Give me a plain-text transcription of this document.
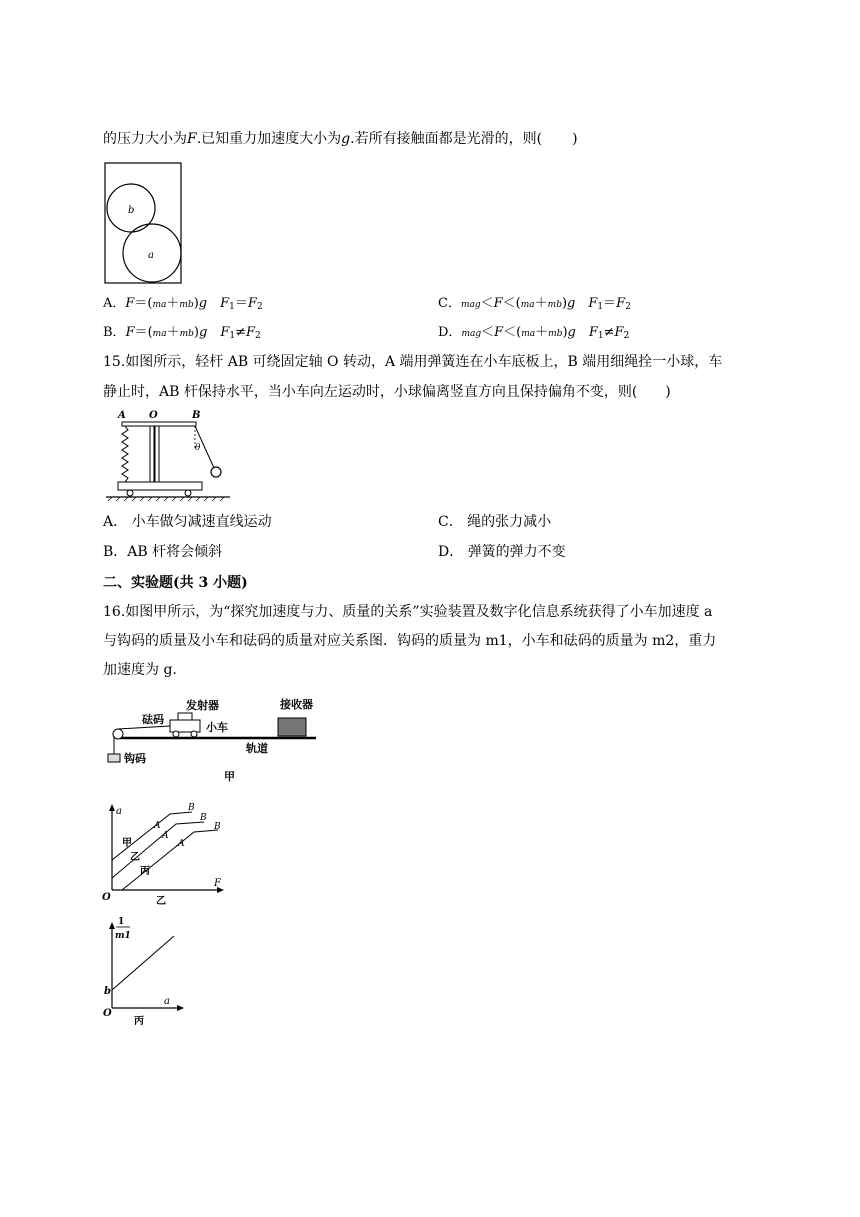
的压力大小为F.已知重力加速度大小为g.若所有接触面都是光滑的，则( )
b
a
A．F＝(ma＋mb)g　 $F_1=F_2$	C．mag＜F＜(ma＋mb)g　 $F_1=F_2$
B．F＝(ma＋mb)g　 $F_1\ne F_2$	D．mag＜F＜(ma＋mb)g　 $F_1\ne F_2$
15.如图所示，轻杆 AB 可绕固定轴 O 转动，A 端用弹簧连在小车底板上，B 端用细绳拴一小球，车
静止时，AB 杆保持水平，当小车向左运动时，小球偏离竖直方向且保持偏角不变，则(　　)
A O	B
θ
A． 小车做匀减速直线运动	C． 绳的张力减小
B．AB 杆将会倾斜	D． 弹簧的弹力不变
二、实验题(共 3 小题)
16.如图甲所示，为“探究加速度与力、质量的关系”实验装置及数字化信息系统获得了小车加速度 a
与钩码的质量及小车和砝码的质量对应关系图．钩码的质量为 m1，小车和砝码的质量为 m2，重力
加速度为 g.
发射器
砝码
小车
接收器
钩码
轨道
甲
a
F
O
B
B
B
A
A
A
甲
乙
丙
乙
1
m1
a
b
O
丙
